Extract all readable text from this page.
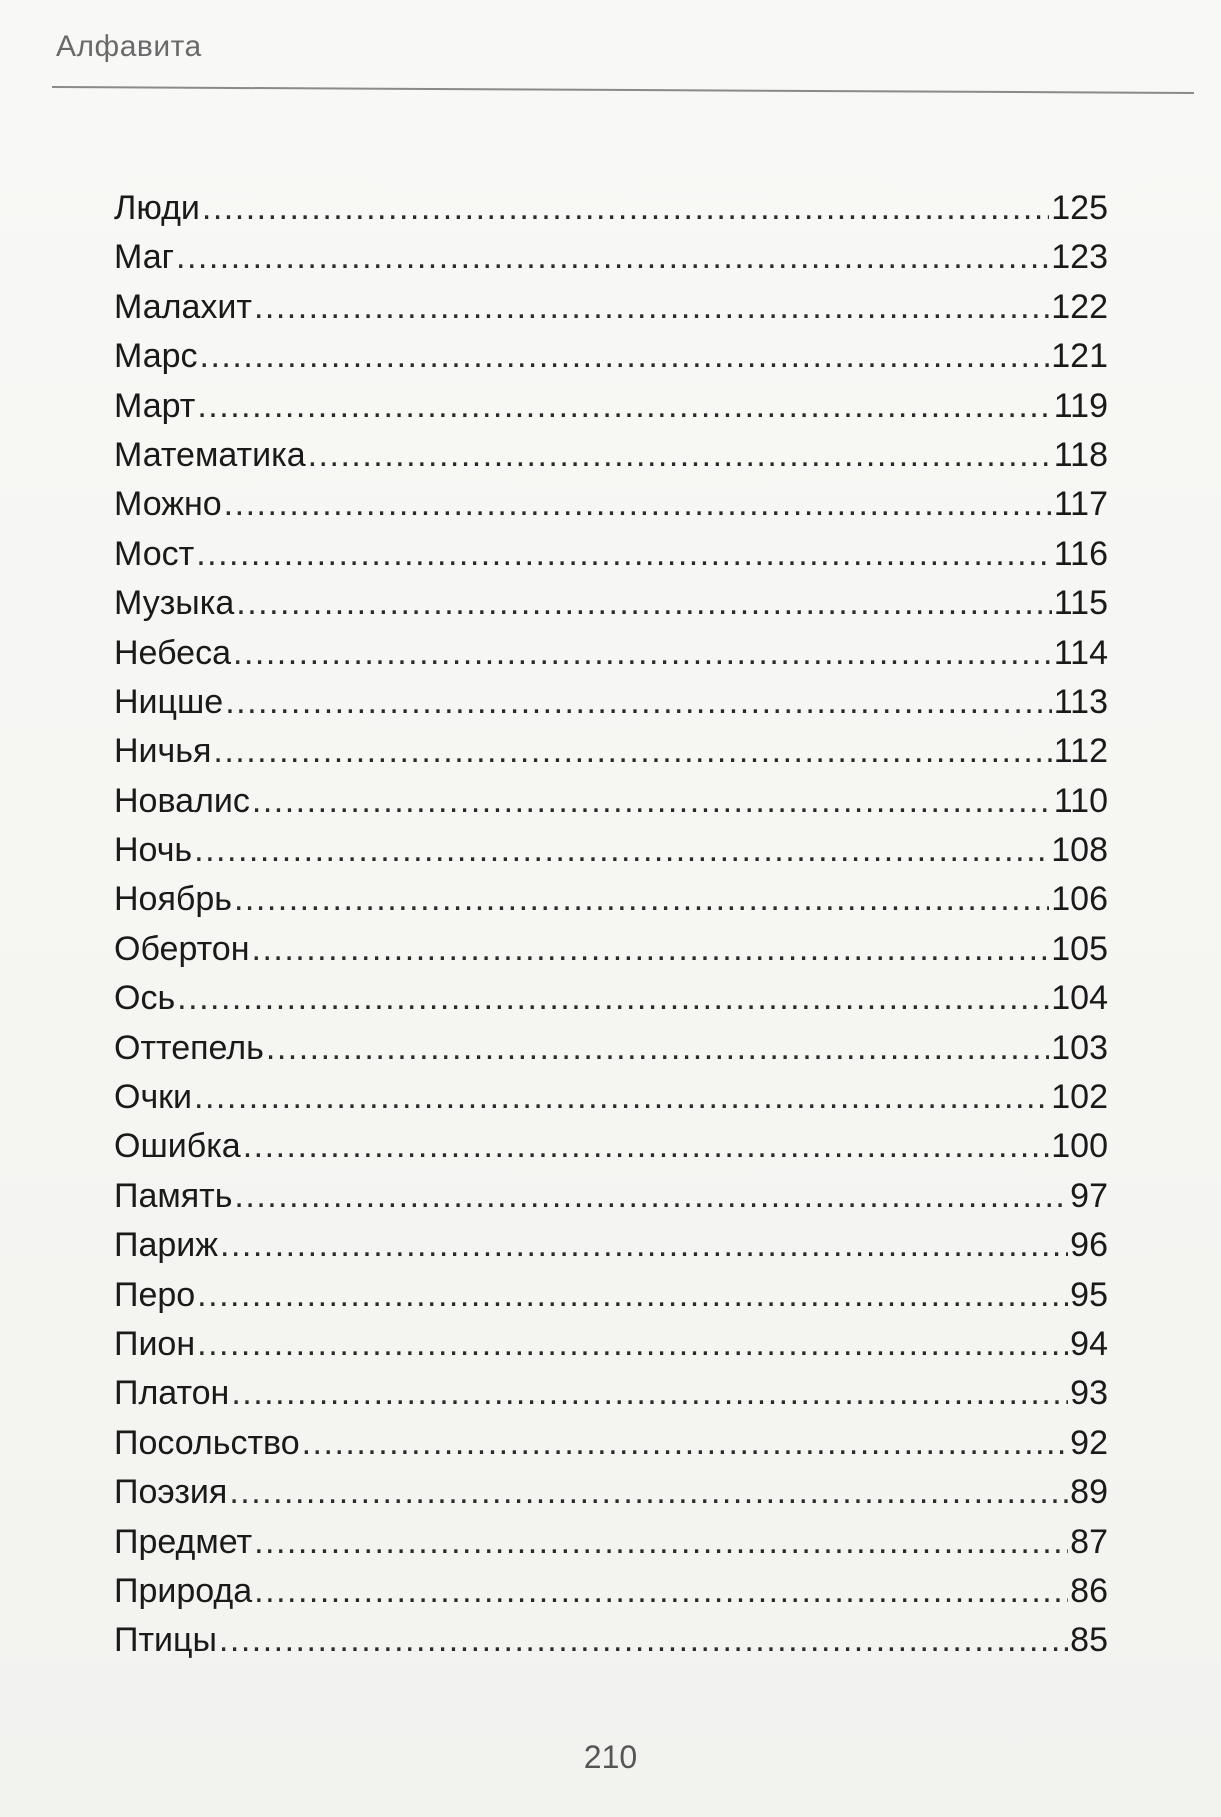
Алфавита
Люди .....	125
Маг .....	123
Малахит .....	122
Марс .....	121
Март .....	119
Математика .....	118
Можно .....	117
Мост .....	116
Музыка .....	115
Небеса .....	114
Ницше .....	113
Ничья .....	112
Новалис .....	110
Ночь .....	108
Ноябрь .....	106
Обертон .....	105
Ось .....	104
Оттепель .....	103
Очки .....	102
Ошибка .....	100
Память .....	97
Париж .....	96
Перо .....	95
Пион .....	94
Платон .....	93
Посольство .....	92
Поэзия .....	89
Предмет .....	87
Природа .....	86
Птицы .....	85
210
